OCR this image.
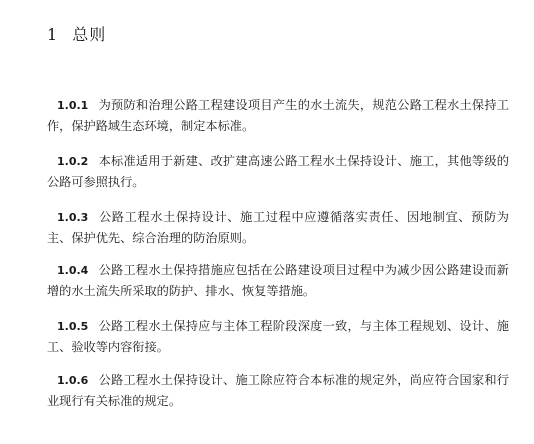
1 总则

1.0.1 为预防和治理公路工程建设项目产生的水土流失，规范公路工程水土保持工作，保护路域生态环境，制定本标准。

1.0.2 本标准适用于新建、改扩建高速公路工程水土保持设计、施工，其他等级的公路可参照执行。

1.0.3 公路工程水土保持设计、施工过程中应遵循落实责任、因地制宜、预防为主、保护优先、综合治理的防治原则。

1.0.4 公路工程水土保持措施应包括在公路建设项目过程中为减少因公路建设而新增的水土流失所采取的防护、排水、恢复等措施。

1.0.5 公路工程水土保持应与主体工程阶段深度一致，与主体工程规划、设计、施工、验收等内容衔接。

1.0.6 公路工程水土保持设计、施工除应符合本标准的规定外，尚应符合国家和行业现行有关标准的规定。
